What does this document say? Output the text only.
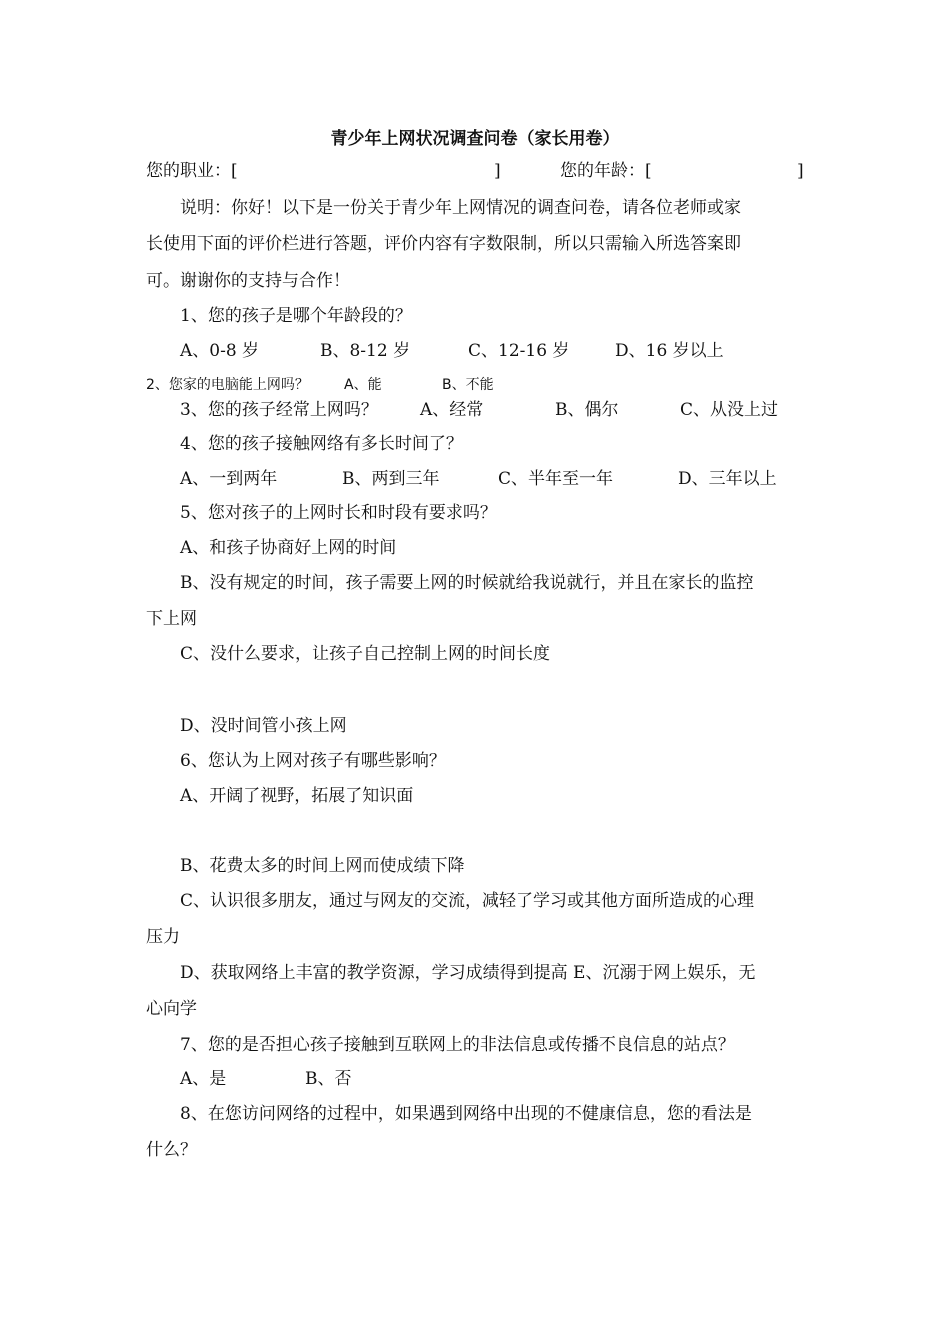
青少年上网状况调查问卷（家长用卷）
您的职业：[	]	您的年龄：[	]
说明：你好！以下是一份关于青少年上网情况的调查问卷，请各位老师或家
长使用下面的评价栏进行答题，评价内容有字数限制，所以只需输入所选答案即
可。谢谢你的支持与合作！
1、您的孩子是哪个年龄段的？
A、0-8 岁	B、8-12 岁	C、12-16 岁	D、16 岁以上
2、您家的电脑能上网吗？	A、能	B、不能
3、您的孩子经常上网吗？ A、经常	B、偶尔	C、从没上过
4、您的孩子接触网络有多长时间了？
A、一到两年	B、两到三年	C、半年至一年	D、三年以上
5、您对孩子的上网时长和时段有要求吗？
A、和孩子协商好上网的时间
B、没有规定的时间，孩子需要上网的时候就给我说就行，并且在家长的监控
下上网
C、没什么要求，让孩子自己控制上网的时间长度
D、没时间管小孩上网
6、您认为上网对孩子有哪些影响？
A、开阔了视野，拓展了知识面
B、花费太多的时间上网而使成绩下降
C、认识很多朋友，通过与网友的交流，减轻了学习或其他方面所造成的心理
压力
D、获取网络上丰富的教学资源，学习成绩得到提高 E、沉溺于网上娱乐，无
心向学
7、您的是否担心孩子接触到互联网上的非法信息或传播不良信息的站点？
A、是	B、否
8、在您访问网络的过程中，如果遇到网络中出现的不健康信息，您的看法是
什么？
